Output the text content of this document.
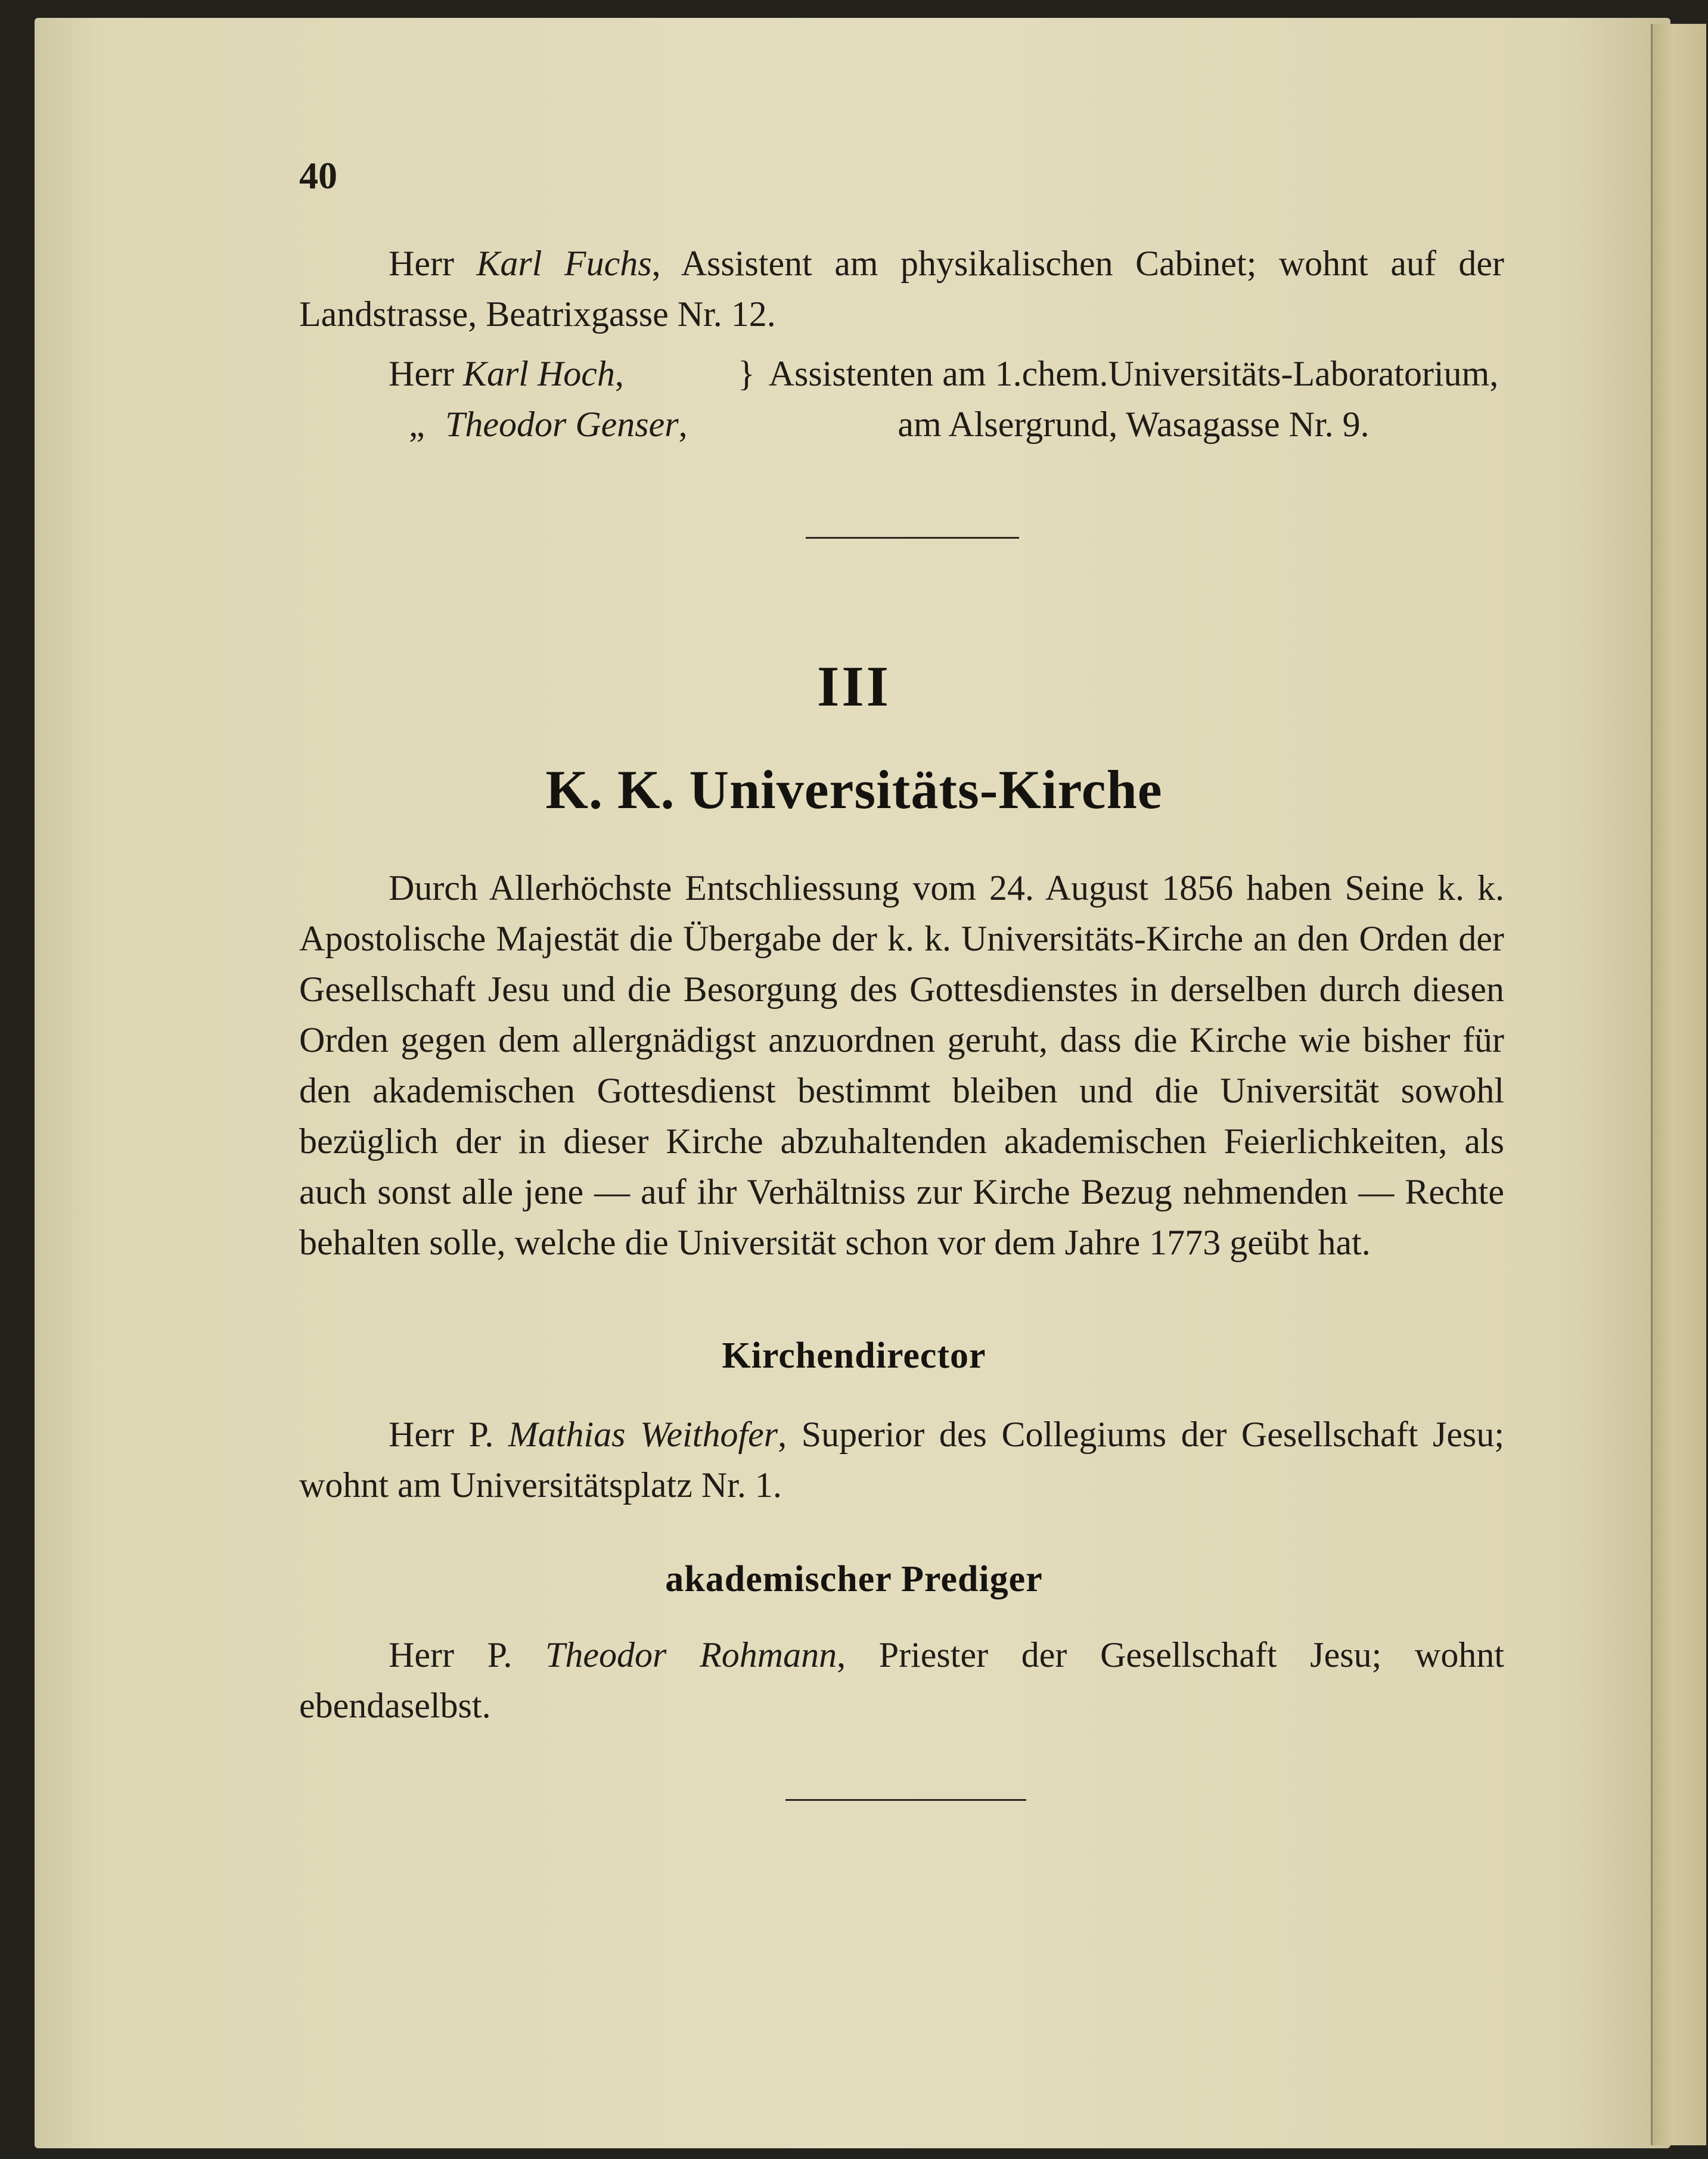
40

Herr Karl Fuchs, Assistent am physikalischen Cabinet; wohnt auf der Landstrasse, Beatrixgasse Nr. 12.

Herr Karl Hoch,
„ Theodor Genser,
} Assistenten am 1.chem.Universitäts-Laboratorium,
am Alsergrund, Wasagasse Nr. 9.
III
K. K. Universitäts-Kirche

Durch Allerhöchste Entschliessung vom 24. August 1856 haben Seine k. k. Apostolische Majestät die Übergabe der k. k. Universitäts-Kirche an den Orden der Gesellschaft Jesu und die Besorgung des Gottesdienstes in derselben durch diesen Orden gegen dem allergnädigst anzuordnen geruht, dass die Kirche wie bisher für den akademischen Gottesdienst bestimmt bleiben und die Universität sowohl bezüglich der in dieser Kirche abzuhaltenden akademischen Feierlichkeiten, als auch sonst alle jene — auf ihr Verhältniss zur Kirche Bezug nehmenden — Rechte behalten solle, welche die Universität schon vor dem Jahre 1773 geübt hat.

Kirchendirector

Herr P. Mathias Weithofer, Superior des Collegiums der Gesellschaft Jesu; wohnt am Universitätsplatz Nr. 1.

akademischer Prediger

Herr P. Theodor Rohmann, Priester der Gesellschaft Jesu; wohnt ebendaselbst.
